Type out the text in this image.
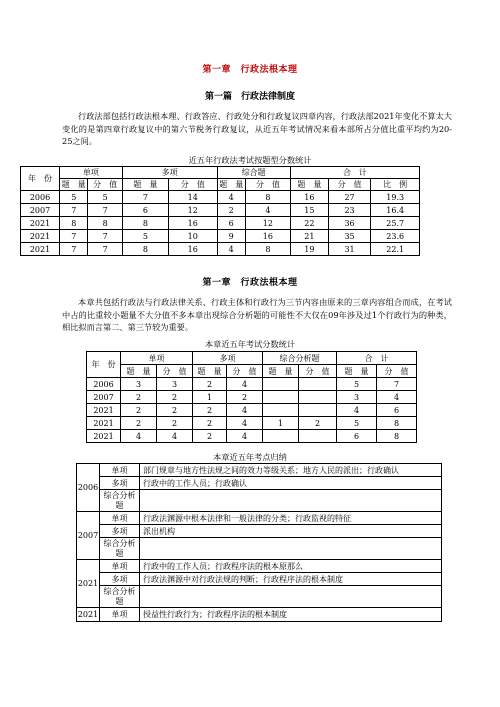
第一章　行政法根本理
第一篇　行政法律制度

行政法部包括行政法根本理、行政答应、行政处分和行政复议四章内容，行政法部2021年变化不算太大变化的是第四章行政复议中的第六节税务行政复议，从近五年考试情况来看本部所占分值比重平均约为20-25之间。

近五年行政法考试按题型分数统计
年　份	单项		多项		综合题		合　计		
	题　量	分　值	题　量	分　值	题　量	分　值	题　量	分　值	比　例
2006	5	5	7	14	4	8	16	27	19.3
2007	7	7	6	12	2	4	15	23	16.4
2021	8	8	8	16	6	12	22	36	25.7
2021	7	7	5	10	9	16	21	35	23.6
2021	7	7	8	16	4	8	19	31	22.1
第一章　行政法根本理

本章共包括行政法与行政法律关系、行政主体和行政行为三节内容由原来的三章内容组合而成，在考试中占的比重较小题量不大分值不多本章出现综合分析题的可能性不大仅在09年涉及过1个行政行为的种类，相比拟而言第二、第三节较为重要。

本章近五年考试分数统计
年　份	单项		多项		综合分析题		合　计	
	题　量	分　值	题　量	分　值	题　量	分　值	题　量	分　值
2006	3	3	2	4			5	7
2007	2	2	1	2			3	4
2021	2	2	2	4			4	6
2021	2	2	2	4	1	2	5	8
2021	4	4	2	4			6	8
本章近五年考点归纳
2006	单项	部门规章与地方性法规之间的效力等级关系；地方人民的派出；行政确认
	多项	行政中的工作人员；行政确认
	综合分析题	
2007	单项	行政法渊源中根本法律和一般法律的分类；行政监视的特征
	多项	派出机构
	综合分析题	
2021	单项	行政中的工作人员；行政程序法的根本原那么
	多项	行政法渊源中对行政法规的判断；行政程序法的根本制度
	综合分析题	
2021	单项	授益性行政行为；行政程序法的根本制度
